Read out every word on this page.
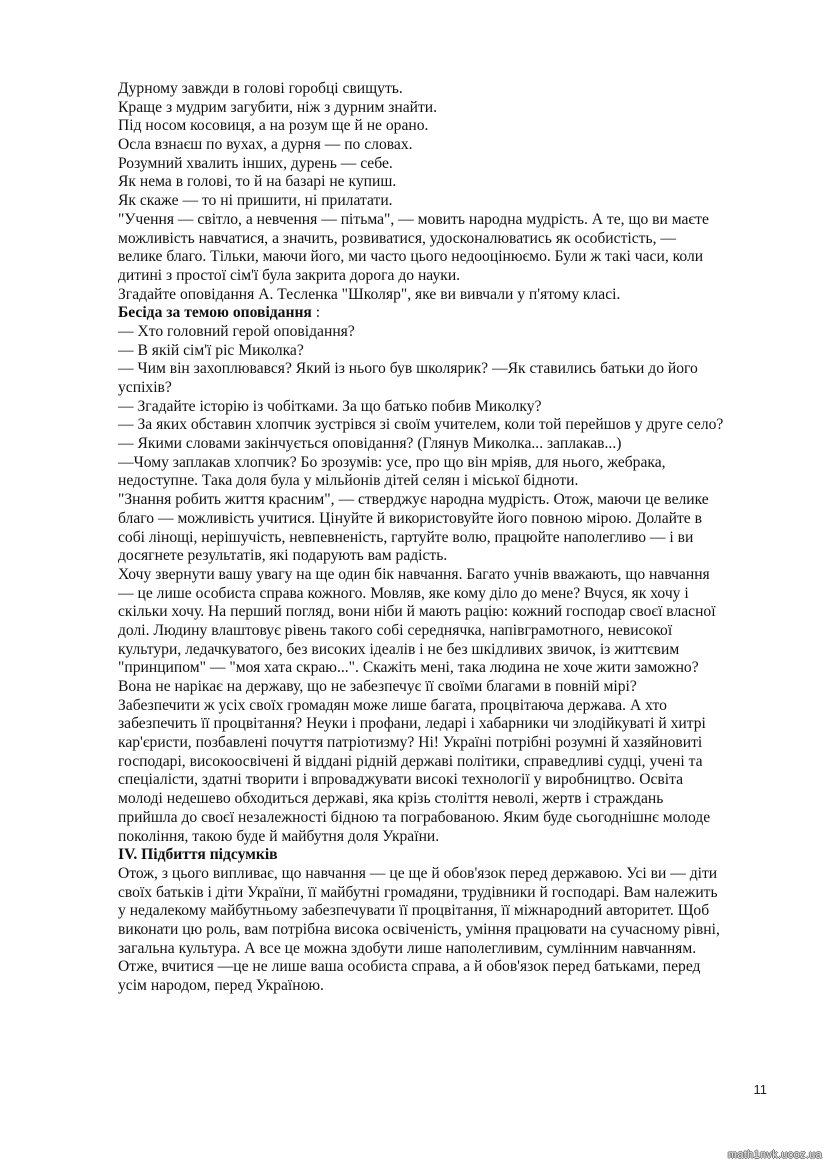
Дурному завжди в голові горобці свищуть.
Краще з мудрим загубити, ніж з дурним знайти.
Під носом косовиця, а на розум ще й не орано.
Осла взнаєш по вухах, а дурня — по словах.
Розумний хвалить інших, дурень — себе.
Як нема в голові, то й на базарі не купиш.
Як скаже — то ні пришити, ні прилатати.
"Учення — світло, а невчення — пітьма", — мовить народна мудрість. А те, що ви маєте
можливість навчатися, а значить, розвиватися, удосконалюватись як особистість, —
велике благо. Тільки, маючи його, ми часто цього недооцінюємо. Були ж такі часи, коли
дитині з простої сім'ї була закрита дорога до науки.
Згадайте оповідання А. Тесленка "Школяр", яке ви вивчали у п'ятому класі.
Бесіда за темою оповідання :
— Хто головний герой оповідання?
— В якій сім'ї ріс Миколка?
— Чим він захоплювався? Який із нього був школярик? —Як ставились батьки до його
успіхів?
— Згадайте історію із чобітками. За що батько побив Миколку?
— За яких обставин хлопчик зустрівся зі своїм учителем, коли той перейшов у друге село?
— Якими словами закінчується оповідання? (Глянув Миколка... заплакав...)
—Чому заплакав хлопчик? Бо зрозумів: усе, про що він мріяв, для нього, жебрака,
недоступне. Така доля була у мільйонів дітей селян і міської бідноти.
"Знання робить життя красним", — стверджує народна мудрість. Отож, маючи це велике
благо — можливість учитися. Цінуйте й використовуйте його повною мірою. Долайте в
собі лінощі, нерішучість, невпевненість, гартуйте волю, працюйте наполегливо — і ви
досягнете результатів, які подарують вам радість.
Хочу звернути вашу увагу на ще один бік навчання. Багато учнів вважають, що навчання
— це лише особиста справа кожного. Мовляв, яке кому діло до мене? Вчуся, як хочу і
скільки хочу. На перший погляд, вони ніби й мають рацію: кожний господар своєї власної
долі. Людину влаштовує рівень такого собі середнячка, напівграмотного, невисокої
культури, ледачкуватого, без високих ідеалів і не без шкідливих звичок, із життєвим
"принципом" — "моя хата скраю...". Скажіть мені, така людина не хоче жити заможно?
Вона не нарікає на державу, що не забезпечує її своїми благами в повній мірі?
Забезпечити ж усіх своїх громадян може лише багата, процвітаюча держава. А хто
забезпечить її процвітання? Неуки і профани, ледарі і хабарники чи злодійкуваті й хитрі
кар'єристи, позбавлені почуття патріотизму? Ні! Україні потрібні розумні й хазяйновиті
господарі, високоосвічені й віддані рідній державі політики, справедливі судці, учені та
спеціалісти, здатні творити і впроваджувати високі технології у виробництво. Освіта
молоді недешево обходиться державі, яка крізь століття неволі, жертв і страждань
прийшла до своєї незалежності бідною та пограбованою. Яким буде сьогоднішнє молоде
покоління, такою буде й майбутня доля України.
IV. Підбиття підсумків
Отож, з цього випливає, що навчання — це ще й обов'язок перед державою. Усі ви — діти
своїх батьків і діти України, її майбутні громадяни, трудівники й господарі. Вам належить
у недалекому майбутньому забезпечувати її процвітання, її міжнародний авторитет. Щоб
виконати цю роль, вам потрібна висока освіченість, уміння працювати на сучасному рівні,
загальна культура. А все це можна здобути лише наполегливим, сумлінним навчанням.
Отже, вчитися —це не лише ваша особиста справа, а й обов'язок перед батьками, перед
усім народом, перед Україною.
11
math1nvk.ucoz.ua
